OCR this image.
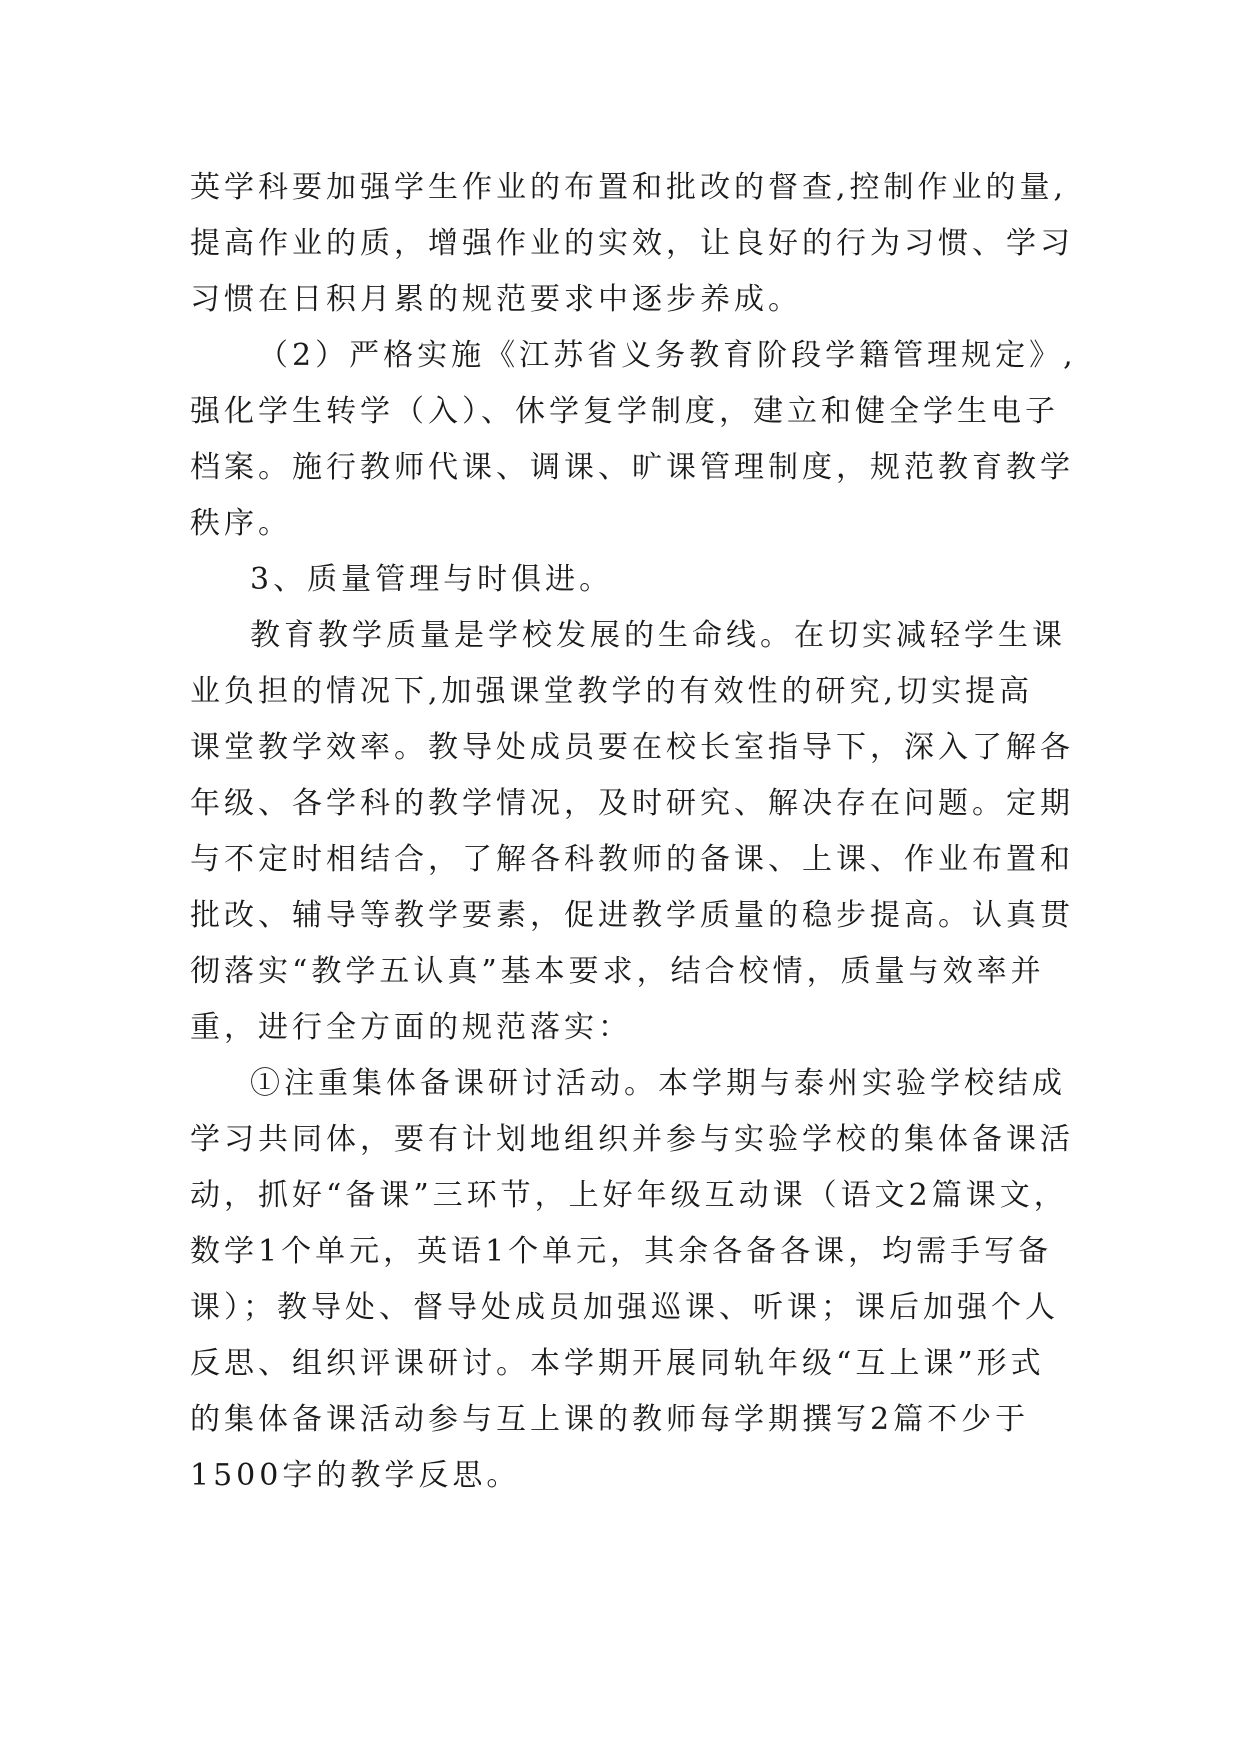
英学科要加强学生作业的布置和批改的督查,控制作业的量,
提高作业的质，增强作业的实效，让良好的行为习惯、学习
习惯在日积月累的规范要求中逐步养成。
（2）严格实施《江苏省义务教育阶段学籍管理规定》,
强化学生转学（入）、休学复学制度，建立和健全学生电子
档案。施行教师代课、调课、旷课管理制度，规范教育教学
秩序。
3、质量管理与时俱进。
教育教学质量是学校发展的生命线。在切实减轻学生课
业负担的情况下,加强课堂教学的有效性的研究,切实提高
课堂教学效率。教导处成员要在校长室指导下，深入了解各
年级、各学科的教学情况，及时研究、解决存在问题。定期
与不定时相结合，了解各科教师的备课、上课、作业布置和
批改、辅导等教学要素，促进教学质量的稳步提高。认真贯
彻落实“教学五认真”基本要求，结合校情，质量与效率并
重，进行全方面的规范落实：
①注重集体备课研讨活动。本学期与泰州实验学校结成
学习共同体，要有计划地组织并参与实验学校的集体备课活
动，抓好“备课”三环节，上好年级互动课（语文2篇课文，
数学1个单元，英语1个单元，其余各备各课，均需手写备
课）；教导处、督导处成员加强巡课、听课；课后加强个人
反思、组织评课研讨。本学期开展同轨年级“互上课”形式
的集体备课活动参与互上课的教师每学期撰写2篇不少于
1500字的教学反思。
